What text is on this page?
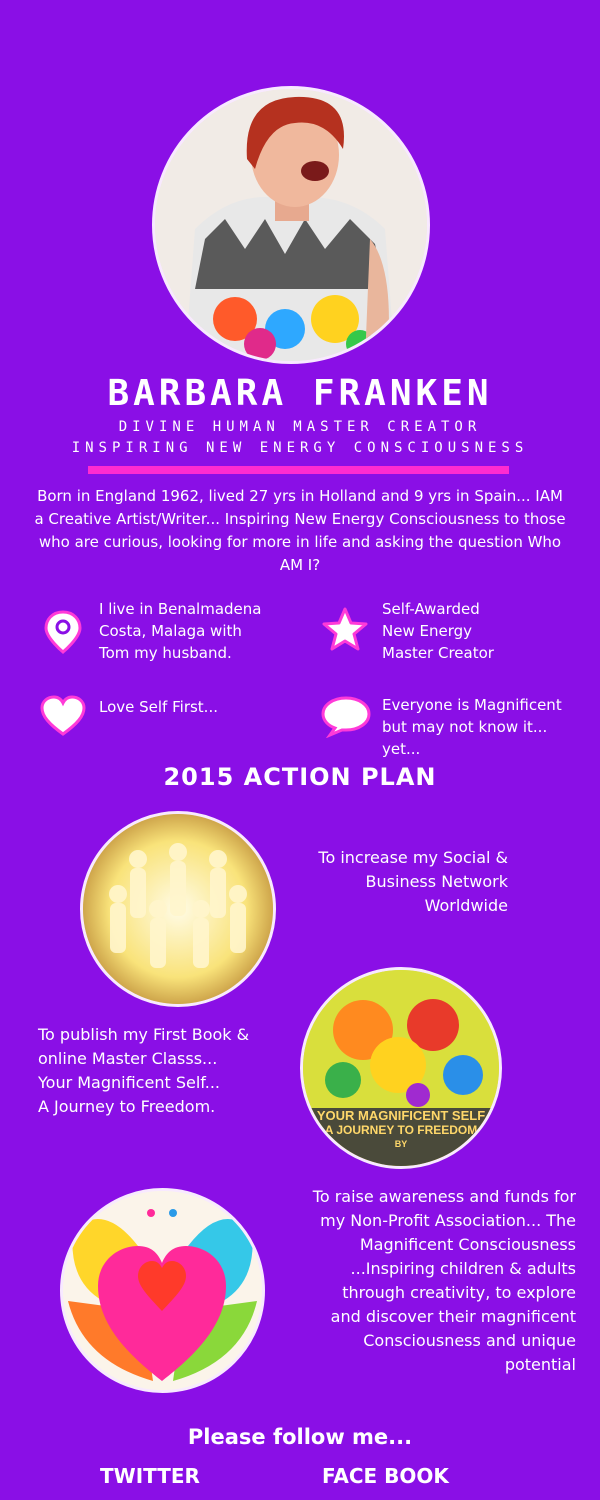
BARBARA FRANKEN
DIVINE HUMAN MASTER CREATOR
INSPIRING NEW ENERGY CONSCIOUSNESS
Born in England 1962, lived 27 yrs in Holland and 9 yrs in Spain... IAM a Creative Artist/Writer... Inspiring New Energy Consciousness to those who are curious, looking for more in life and asking the question Who AM I?
I live in Benalmadena
Costa, Malaga with
Tom my husband.
Self-Awarded
New Energy
Master Creator
Love Self First...	Everyone is Magnificent
but may not know it...
yet...
2015 ACTION PLAN
To increase my Social &
Business Network
Worldwide
To publish my First Book &
online Master Classs...
Your Magnificent Self...
A Journey to Freedom.	YOUR MAGNIFICENT SELF
A JOURNEY TO FREEDOM
BY
To raise awareness and funds for
my Non-Profit Association... The
Magnificent Consciousness
...Inspiring children & adults
through creativity, to explore
and discover their magnificent
Consciousness and unique
potential
Please follow me...
TWITTER	FACE BOOK
